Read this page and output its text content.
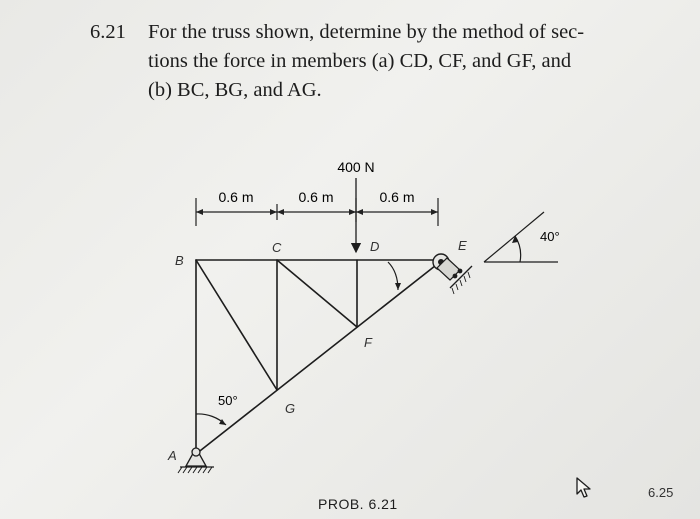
6.21 For the truss shown, determine by the method of sec-
tions the force in members (a) CD, CF, and GF, and
(b) BC, BG, and AG.
0.6 m	0.6 m	0.6 m
400 N
40°
50°
B
C	D	E
F
G
A
PROB. 6.21
6.25
